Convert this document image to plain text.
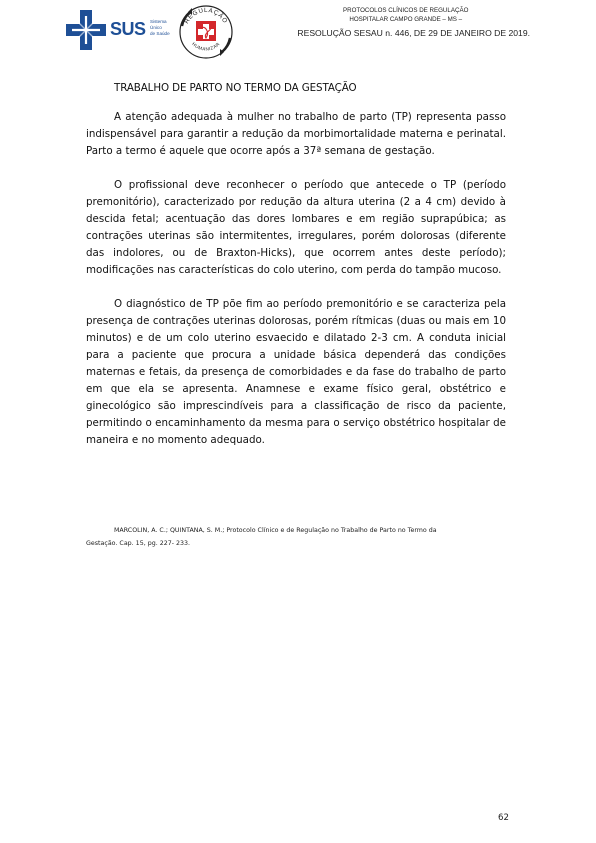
SUS Sistema
Único
de Saúde
REGULAÇÃO
HUMANIZAR
PROTOCOLOS CLÍNICOS DE REGULAÇÃO
HOSPITALAR CAMPO GRANDE – MS –
RESOLUÇÃO SESAU n. 446, DE 29 DE JANEIRO DE 2019.
TRABALHO DE PARTO NO TERMO DA GESTAÇÃO

A atenção adequada à mulher no trabalho de parto (TP) representa passo indispensável para garantir a redução da morbimortalidade materna e perinatal. Parto a termo é aquele que ocorre após a 37ª semana de gestação.

O profissional deve reconhecer o período que antecede o TP (período premonitório), caracterizado por redução da altura uterina (2 a 4 cm) devido à descida fetal; acentuação das dores lombares e em região suprapúbica; as contrações uterinas são intermitentes, irregulares, porém dolorosas (diferente das indolores, ou de Braxton-Hicks), que ocorrem antes deste período); modificações nas características do colo uterino, com perda do tampão mucoso.

O diagnóstico de TP põe fim ao período premonitório e se caracteriza pela presença de contrações uterinas dolorosas, porém rítmicas (duas ou mais em 10 minutos) e de um colo uterino esvaecido e dilatado 2-3 cm. A conduta inicial para a paciente que procura a unidade básica dependerá das condições maternas e fetais, da presença de comorbidades e da fase do trabalho de parto em que ela se apresenta. Anamnese e exame físico geral, obstétrico e ginecológico são imprescindíveis para a classificação de risco da paciente, permitindo o encaminhamento da mesma para o serviço obstétrico hospitalar de maneira e no momento adequado.

MARCOLIN, A. C.; QUINTANA, S. M.; Protocolo Clínico e de Regulação no Trabalho de Parto no Termo da
Gestação. Cap. 15, pg. 227- 233.
62
